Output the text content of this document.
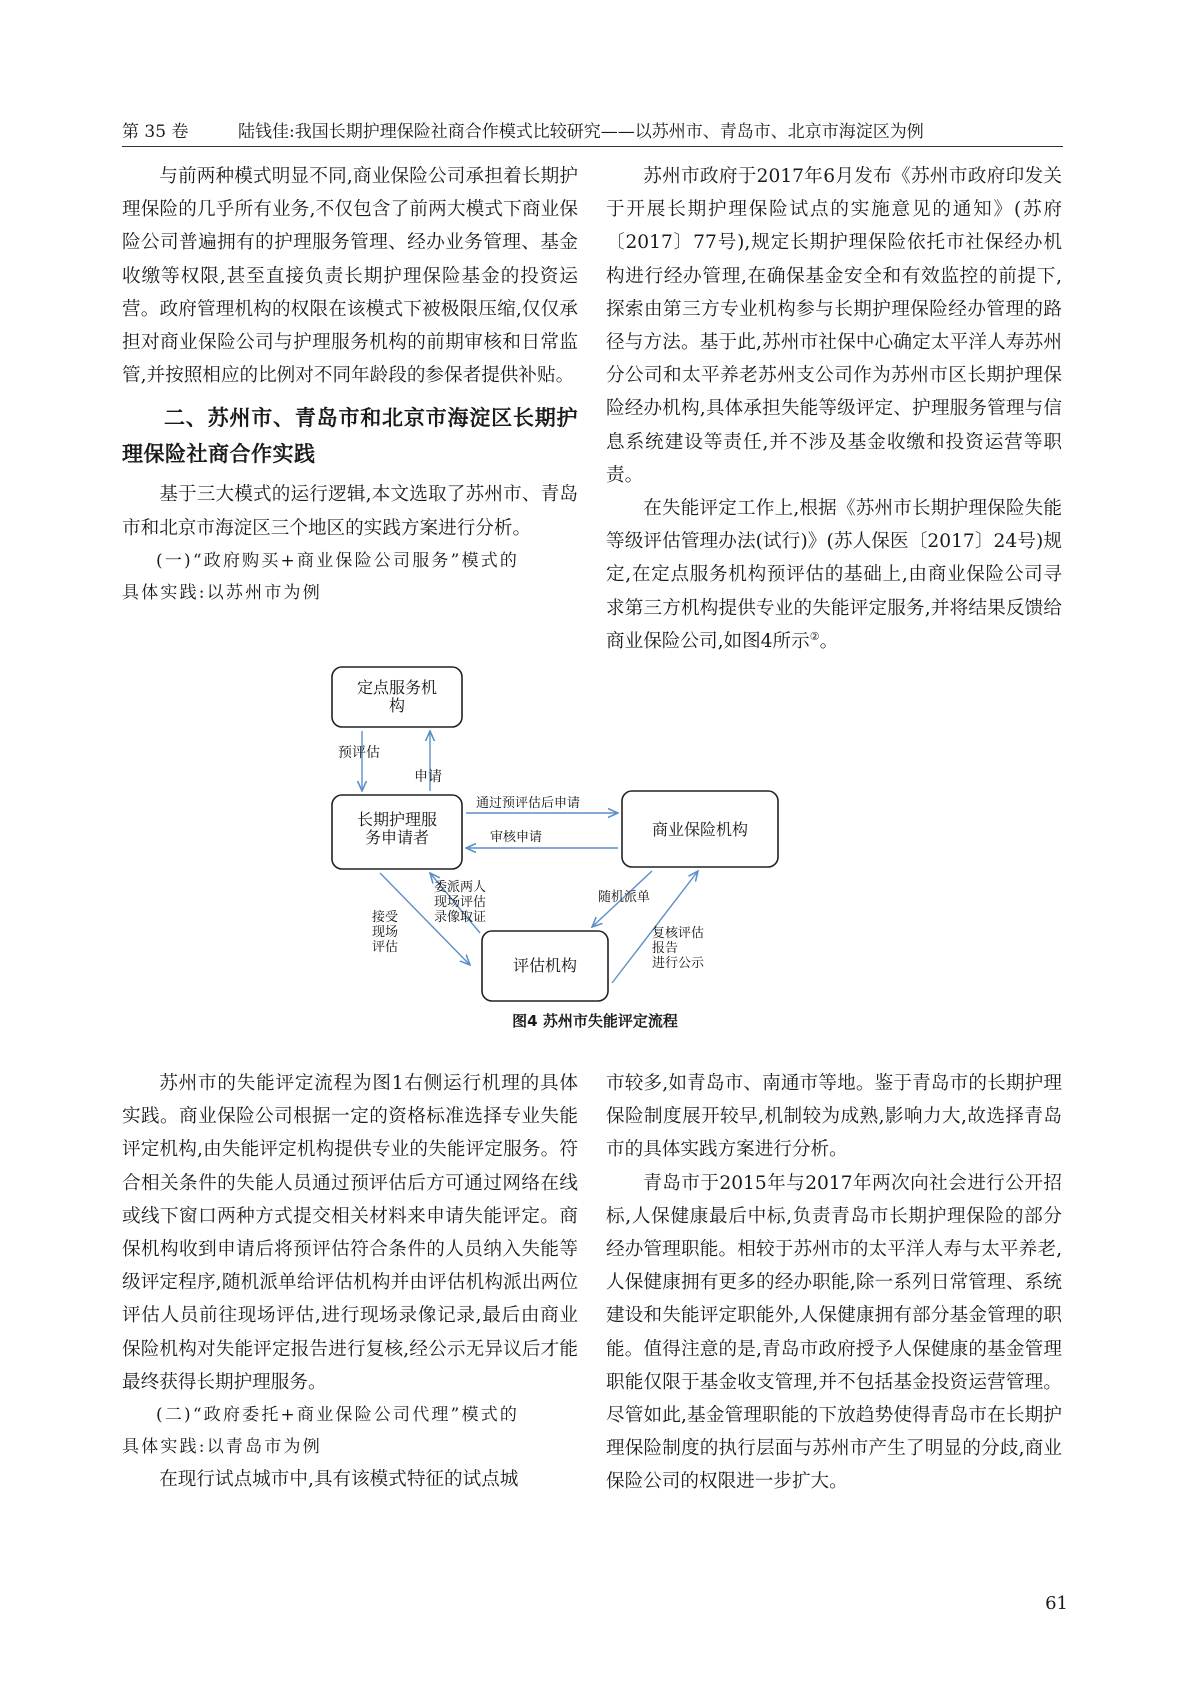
第 35 卷	陆钱佳:我国长期护理保险社商合作模式比较研究——以苏州市、青岛市、北京市海淀区为例

与前两种模式明显不同,商业保险公司承担着长期护理保险的几乎所有业务,不仅包含了前两大模式下商业保险公司普遍拥有的护理服务管理、经办业务管理、基金收缴等权限,甚至直接负责长期护理保险基金的投资运营。政府管理机构的权限在该模式下被极限压缩,仅仅承担对商业保险公司与护理服务机构的前期审核和日常监管,并按照相应的比例对不同年龄段的参保者提供补贴。

二、苏州市、青岛市和北京市海淀区长期护理保险社商合作实践

基于三大模式的运行逻辑,本文选取了苏州市、青岛市和北京市海淀区三个地区的实践方案进行分析。

(一)“政府购买+商业保险公司服务”模式的

具体实践:以苏州市为例

苏州市政府于2017年6月发布《苏州市政府印发关于开展长期护理保险试点的实施意见的通知》(苏府〔2017〕77号),规定长期护理保险依托市社保经办机构进行经办管理,在确保基金安全和有效监控的前提下,探索由第三方专业机构参与长期护理保险经办管理的路径与方法。基于此,苏州市社保中心确定太平洋人寿苏州分公司和太平养老苏州支公司作为苏州市区长期护理保险经办机构,具体承担失能等级评定、护理服务管理与信息系统建设等责任,并不涉及基金收缴和投资运营等职责。

在失能评定工作上,根据《苏州市长期护理保险失能等级评估管理办法(试行)》(苏人保医〔2017〕24号)规定,在定点服务机构预评估的基础上,由商业保险公司寻求第三方机构提供专业的失能评定服务,并将结果反馈给商业保险公司,如图4所示②。

定点服务机构
长期护理服务申请者	商业保险机构
评估机构
预评估
申请
通过预评估后申请
审核申请
委派两人现场评估录像取证
接受现场评估
随机派单
复核评估报告进行公示
图4 苏州市失能评定流程

苏州市的失能评定流程为图1右侧运行机理的具体实践。商业保险公司根据一定的资格标准选择专业失能评定机构,由失能评定机构提供专业的失能评定服务。符合相关条件的失能人员通过预评估后方可通过网络在线或线下窗口两种方式提交相关材料来申请失能评定。商保机构收到申请后将预评估符合条件的人员纳入失能等级评定程序,随机派单给评估机构并由评估机构派出两位评估人员前往现场评估,进行现场录像记录,最后由商业保险机构对失能评定报告进行复核,经公示无异议后才能最终获得长期护理服务。

(二)“政府委托+商业保险公司代理”模式的

具体实践:以青岛市为例

在现行试点城市中,具有该模式特征的试点城

市较多,如青岛市、南通市等地。鉴于青岛市的长期护理保险制度展开较早,机制较为成熟,影响力大,故选择青岛市的具体实践方案进行分析。

青岛市于2015年与2017年两次向社会进行公开招标,人保健康最后中标,负责青岛市长期护理保险的部分经办管理职能。相较于苏州市的太平洋人寿与太平养老,人保健康拥有更多的经办职能,除一系列日常管理、系统建设和失能评定职能外,人保健康拥有部分基金管理的职能。值得注意的是,青岛市政府授予人保健康的基金管理职能仅限于基金收支管理,并不包括基金投资运营管理。尽管如此,基金管理职能的下放趋势使得青岛市在长期护理保险制度的执行层面与苏州市产生了明显的分歧,商业保险公司的权限进一步扩大。

61
